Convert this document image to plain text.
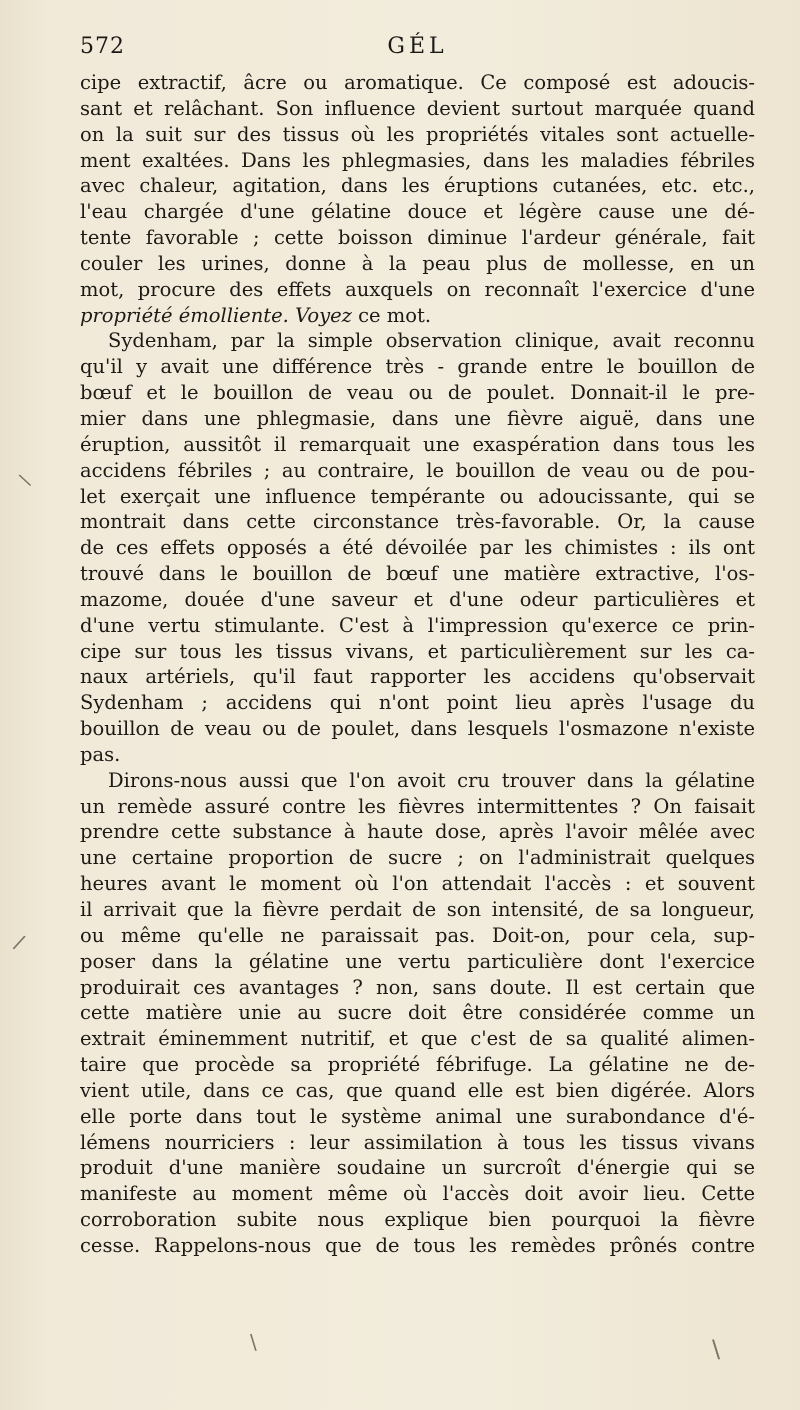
572	GÉL
cipe extractif, âcre ou aromatique. Ce composé est adoucis-
sant et relâchant. Son influence devient surtout marquée quand
on la suit sur des tissus où les propriétés vitales sont actuelle-
ment exaltées. Dans les phlegmasies, dans les maladies fébriles
avec chaleur, agitation, dans les éruptions cutanées, etc. etc.,
l'eau chargée d'une gélatine douce et légère cause une dé-
tente favorable ; cette boisson diminue l'ardeur générale, fait
couler les urines, donne à la peau plus de mollesse, en un
mot, procure des effets auxquels on reconnaît l'exercice d'une
propriété émolliente. Voyez ce mot.
Sydenham, par la simple observation clinique, avait reconnu
qu'il y avait une différence très - grande entre le bouillon de
bœuf et le bouillon de veau ou de poulet. Donnait-il le pre-
mier dans une phlegmasie, dans une fièvre aiguë, dans une
éruption, aussitôt il remarquait une exaspération dans tous les
accidens fébriles ; au contraire, le bouillon de veau ou de pou-
let exerçait une influence tempérante ou adoucissante, qui se
montrait dans cette circonstance très-favorable. Or, la cause
de ces effets opposés a été dévoilée par les chimistes : ils ont
trouvé dans le bouillon de bœuf une matière extractive, l'os-
mazome, douée d'une saveur et d'une odeur particulières et
d'une vertu stimulante. C'est à l'impression qu'exerce ce prin-
cipe sur tous les tissus vivans, et particulièrement sur les ca-
naux artériels, qu'il faut rapporter les accidens qu'observait
Sydenham ; accidens qui n'ont point lieu après l'usage du
bouillon de veau ou de poulet, dans lesquels l'osmazone n'existe
pas.
Dirons-nous aussi que l'on avoit cru trouver dans la gélatine
un remède assuré contre les fièvres intermittentes ? On faisait
prendre cette substance à haute dose, après l'avoir mêlée avec
une certaine proportion de sucre ; on l'administrait quelques
heures avant le moment où l'on attendait l'accès : et souvent
il arrivait que la fièvre perdait de son intensité, de sa longueur,
ou même qu'elle ne paraissait pas. Doit-on, pour cela, sup-
poser dans la gélatine une vertu particulière dont l'exercice
produirait ces avantages ? non, sans doute. Il est certain que
cette matière unie au sucre doit être considérée comme un
extrait éminemment nutritif, et que c'est de sa qualité alimen-
taire que procède sa propriété fébrifuge. La gélatine ne de-
vient utile, dans ce cas, que quand elle est bien digérée. Alors
elle porte dans tout le système animal une surabondance d'é-
lémens nourriciers : leur assimilation à tous les tissus vivans
produit d'une manière soudaine un surcroît d'énergie qui se
manifeste au moment même où l'accès doit avoir lieu. Cette
corroboration subite nous explique bien pourquoi la fièvre
cesse. Rappelons-nous que de tous les remèdes prônés contre
\
/
\	\
